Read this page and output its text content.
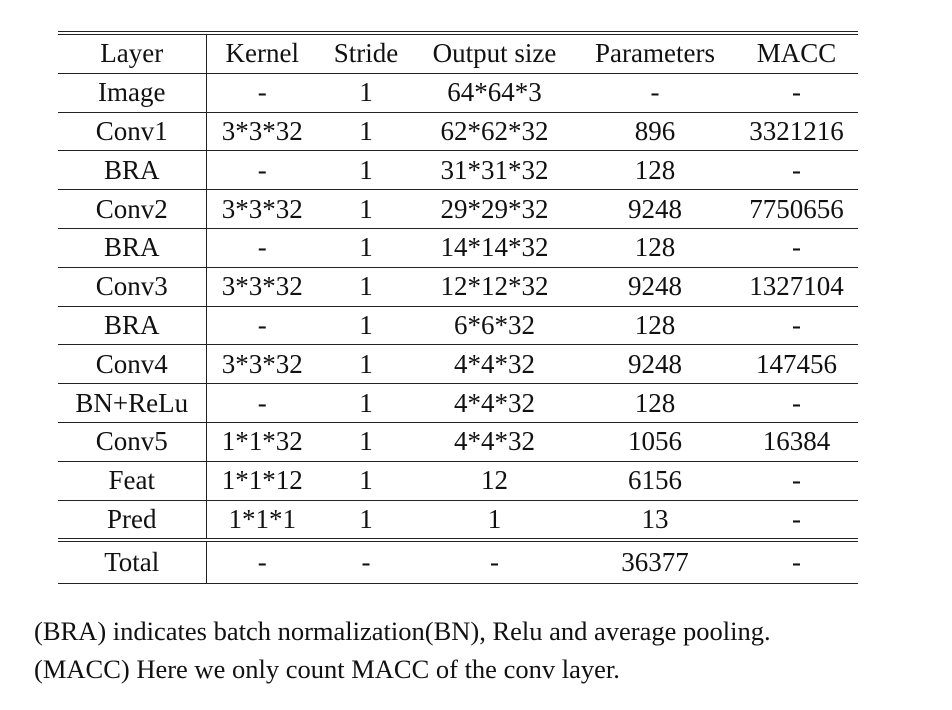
Layer	Kernel	Stride	Output size	Parameters	MACC
Image	-	1	64*64*3	-	-
Conv1	3*3*32	1	62*62*32	896	3321216
BRA	-	1	31*31*32	128	-
Conv2	3*3*32	1	29*29*32	9248	7750656
BRA	-	1	14*14*32	128	-
Conv3	3*3*32	1	12*12*32	9248	1327104
BRA	-	1	6*6*32	128	-
Conv4	3*3*32	1	4*4*32	9248	147456
BN+ReLu	-	1	4*4*32	128	-
Conv5	1*1*32	1	4*4*32	1056	16384
Feat	1*1*12	1	12	6156	-
Pred	1*1*1	1	1	13	-
Total	-	-	-	36377	-

(BRA) indicates batch normalization(BN), Relu and average pooling.

(MACC) Here we only count MACC of the conv layer.
